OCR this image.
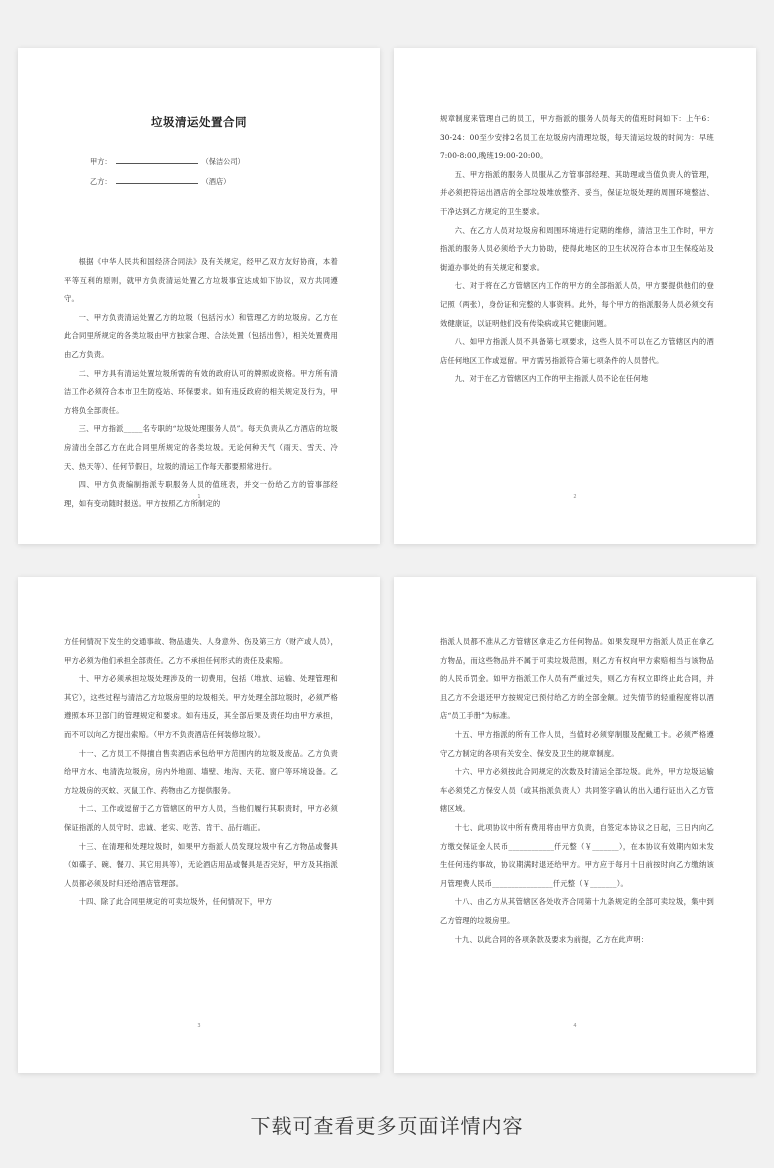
垃圾清运处置合同
甲方：	（保洁公司）
乙方：	（酒店）

根据《中华人民共和国经济合同法》及有关规定，经甲乙双方友好协商，本着平等互利的原则，就甲方负责清运处置乙方垃圾事宜达成如下协议，双方共同遵守。

一、甲方负责清运处置乙方的垃圾（包括污水）和管理乙方的垃圾房。乙方在此合同里所规定的各类垃圾由甲方独家合理、合法处置（包括出售），相关处置费用由乙方负责。

二、甲方具有清运处置垃圾所需的有效的政府认可的牌照或资格。甲方所有清洁工作必须符合本市卫生防疫站、环保要求。如有违反政府的相关规定及行为，甲方将负全部责任。

三、甲方指派_____名专职的“垃圾处理服务人员”。每天负责从乙方酒店的垃圾房清出全部乙方在此合同里所规定的各类垃圾。无论何种天气（雨天、雪天、冷天、热天等）、任何节假日，垃圾的清运工作每天都要照常进行。

四、甲方负责编制指派专职服务人员的值班表，并交一份给乙方的管事部经理，如有变动随时报送。甲方按照乙方所制定的

1

规章制度来管理自己的员工，甲方指派的服务人员每天的值班时间如下：上午6：30-24：00至少安排2名员工在垃圾房内清理垃圾，每天清运垃圾的时间为：早班7:00-8:00,晚班19:00-20:00。

五、甲方指派的服务人员服从乙方管事部经理、其助理或当值负责人的管理，并必须把符运出酒店的全部垃圾堆放整齐、妥当，保证垃圾处理的周围环境整洁、干净达到乙方规定的卫生要求。

六、在乙方人员对垃圾房和周围环境进行定期的维修，清洁卫生工作时，甲方指派的服务人员必须给予大力协助，使得此地区的卫生状况符合本市卫生保疫站及街道办事处的有关规定和要求。

七、对于将在乙方管辖区内工作的甲方的全部指派人员，甲方要提供他们的登记照（两张），身份证和完整的人事资料。此外，每个甲方的指派服务人员必须交有效健康证，以证明他们没有传染病或其它健康问题。

八、如甲方指派人员不具备第七项要求，这些人员不可以在乙方管辖区内的酒店任何地区工作或逗留。甲方需另指派符合第七项条件的人员替代。

九、对于在乙方管辖区内工作的甲主指派人员不论在任何地

2

方任何情况下发生的交通事故、物品遗失、人身意外、伤及第三方（财产或人员），甲方必须为他们承担全部责任。乙方不承担任何形式的责任及索赔。

十、甲方必须承担垃圾处理涉及的一切费用，包括（堆放、运输、处理管理和其它），这些过程与清洁乙方垃圾房里的垃圾相关。甲方处理全部垃圾时，必须严格遵照本环卫部门的管理规定和要求。如有违反，其全部后果及责任均由甲方承担，而不可以向乙方提出索赔。（甲方不负责酒店任何装修垃圾）。

十一、乙方员工不得擅自售卖酒店承包给甲方范围内的垃圾及废品。乙方负责给甲方水、电清洗垃圾房，房内外地面、墙壁、地沟、天花、窗户等环境设备。乙方垃圾房的灭蚊、灭鼠工作、药物由乙方提供服务。

十二、工作或逗留于乙方管辖区的甲方人员，当他们履行其职责时，甲方必须保证指派的人员守时、忠诚、老实、吃苦、肯干、品行端正。

十三、在清理和处理垃圾时，如果甲方指派人员发现垃圾中有乙方物品或餐具（如碟子、碗、餐刀、其它用具等），无论酒店用品或餐具是否完好，甲方及其指派人员都必须及时归还给酒店管理部。

十四、除了此合同里规定的可卖垃圾外，任何情况下，甲方

3

指派人员都不准从乙方管辖区拿走乙方任何物品。如果发现甲方指派人员正在拿乙方物品，而这些物品并不属于可卖垃圾范围，则乙方有权向甲方索赔相当与该物品的人民币罚金。如甲方指派工作人员有严重过失，则乙方有权立即终止此合同，并且乙方不会退还甲方按规定已预付给乙方的全部金额。过失情节的轻重程度将以酒店“员工手册”为标准。

十五、甲方指派的所有工作人员，当值时必须穿制服及配戴工卡。必须严格遵守乙方制定的各项有关安全、保安及卫生的规章制度。

十六、甲方必须按此合同规定的次数及时清运全部垃圾。此外，甲方垃圾运输车必须凭乙方保安人员（或其指派负责人）共同签字确认的出入通行证出入乙方管辖区域。

十七、此项协议中所有费用将由甲方负责，自签定本协议之日起，三日内向乙方缴交保证金人民币____________仟元整（￥_______），在本协议有效期内如未发生任何违约事故，协议期满时退还给甲方。甲方应于每月十日前按时向乙方缴纳该月管理费人民币________________仟元整（￥_______）。

十八、由乙方从其管辖区各处收齐合同第十九条规定的全部可卖垃圾，集中到乙方管理的垃圾房里。

十九、以此合同的各项条款及要求为前提，乙方在此声明：

4
下载可查看更多页面详情内容
